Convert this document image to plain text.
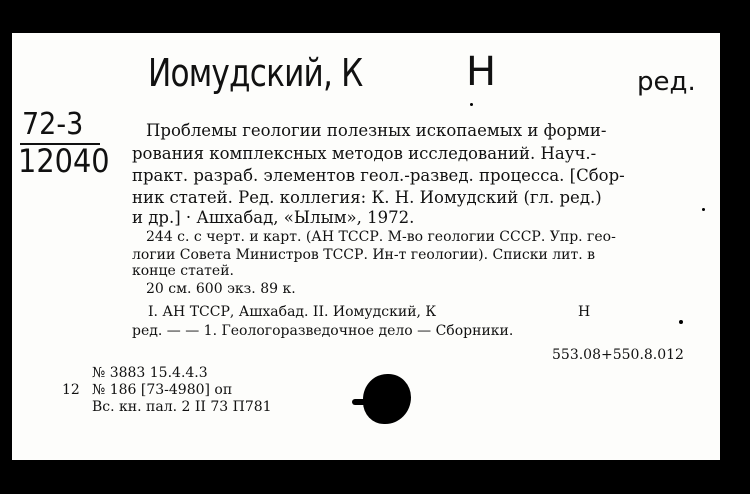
Иомудский, К	Н	ред.
72-3
12040
Проблемы геологии полезных ископаемых и форми-
рования комплексных методов исследований. Науч.-
практ. разраб. элементов геол.-развед. процесса. [Сбор-
ник статей. Ред. коллегия: К. Н. Иомудский (гл. ред.)
и др.] · Ашхабад, «Ылым», 1972.
244 с. с черт. и карт. (АН ТССР. М-во геологии СССР. Упр. гео-
логии Совета Министров ТССР. Ин-т геологии). Списки лит. в
конце статей.
20 см. 600 экз. 89 к.
I. АН ТССР, Ашхабад. II. Иомудский, К	Н
ред. — — 1. Геологоразведочное дело — Сборники.
553.08+550.8.012
№ 3883 15.4.4.3
12 № 186 [73-4980] оп
Вс. кн. пал. 2 II 73 П781
